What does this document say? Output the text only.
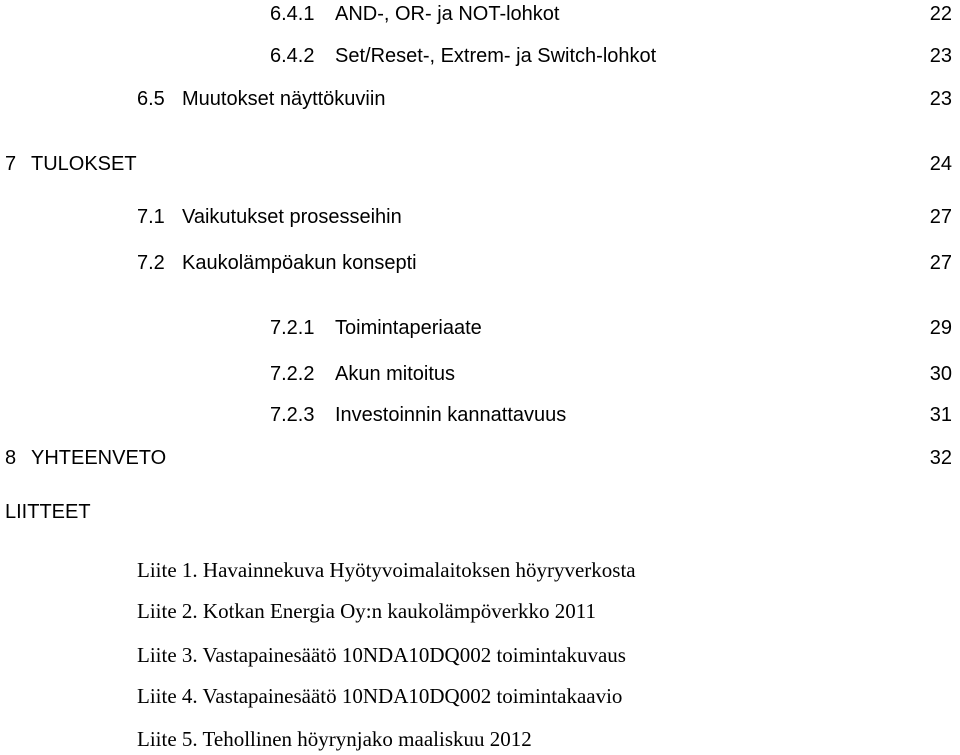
6.4.1 AND-, OR- ja NOT-lohkot	22
6.4.2 Set/Reset-, Extrem- ja Switch-lohkot	23
6.5 Muutokset näyttökuviin	23
7 TULOKSET	24
7.1 Vaikutukset prosesseihin	27
7.2 Kaukolämpöakun konsepti	27
7.2.1 Toimintaperiaate	29
7.2.2 Akun mitoitus	30
7.2.3 Investoinnin kannattavuus	31
8 YHTEENVETO	32
LIITTEET
Liite 1. Havainnekuva Hyötyvoimalaitoksen höyryverkosta
Liite 2. Kotkan Energia Oy:n kaukolämpöverkko 2011
Liite 3. Vastapainesäätö 10NDA10DQ002 toimintakuvaus
Liite 4. Vastapainesäätö 10NDA10DQ002 toimintakaavio
Liite 5. Tehollinen höyrynjako maaliskuu 2012
